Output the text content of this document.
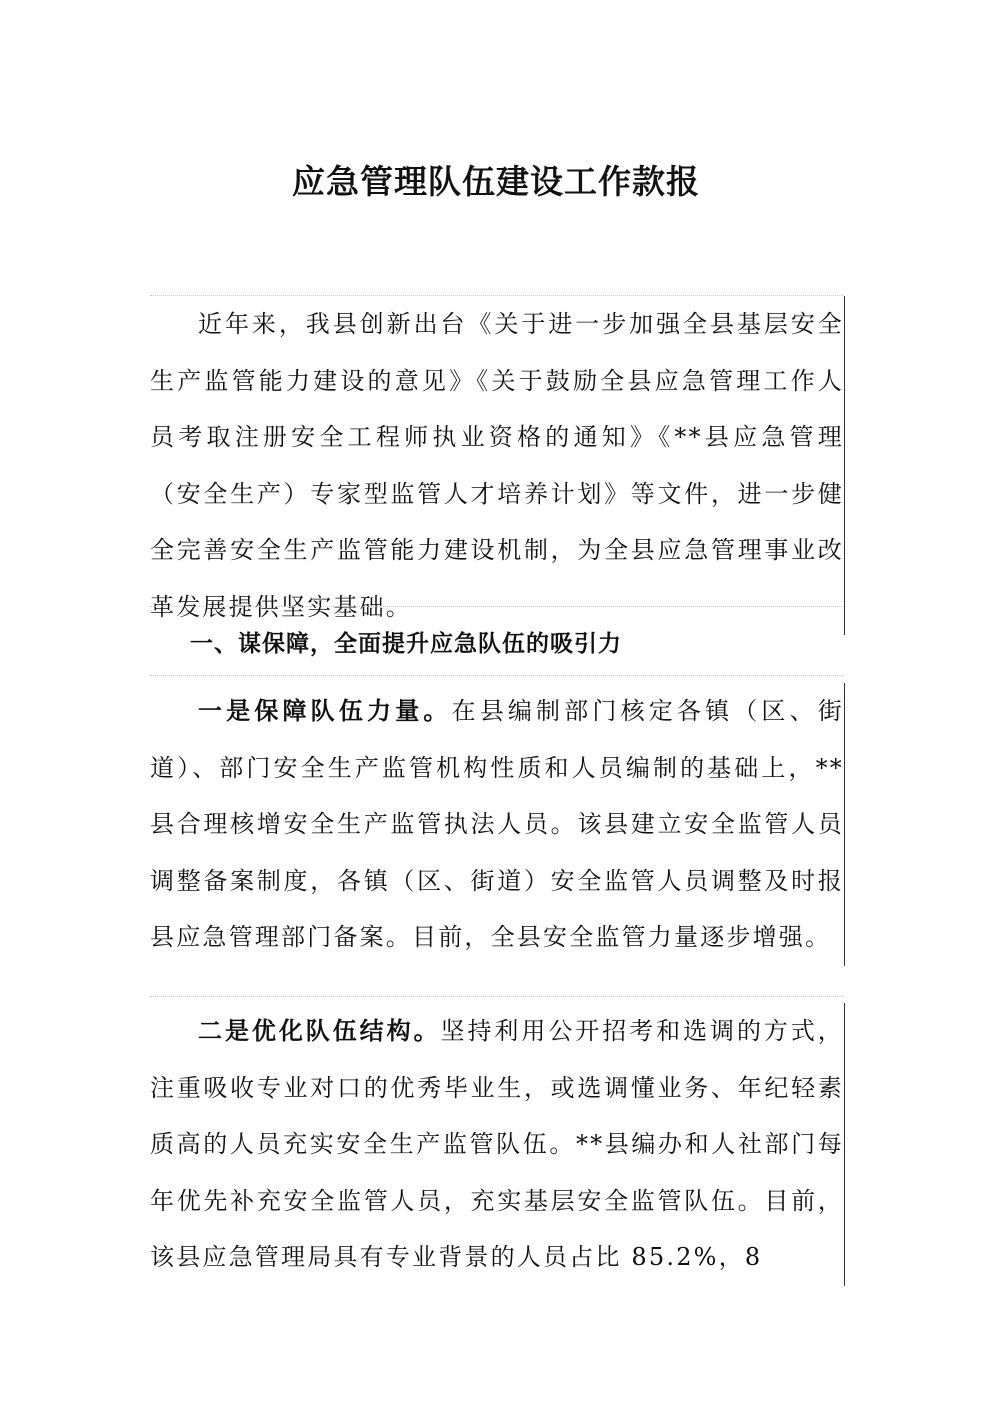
应急管理队伍建设工作款报

近年来，我县创新出台《关于进一步加强全县基层安全生产监管能力建设的意见》《关于鼓励全县应急管理工作人员考取注册安全工程师执业资格的通知》《**县应急管理（安全生产）专家型监管人才培养计划》等文件，进一步健全完善安全生产监管能力建设机制，为全县应急管理事业改革发展提供坚实基础。

一、谋保障，全面提升应急队伍的吸引力

一是保障队伍力量。在县编制部门核定各镇（区、街道）、部门安全生产监管机构性质和人员编制的基础上，**县合理核增安全生产监管执法人员。该县建立安全监管人员调整备案制度，各镇（区、街道）安全监管人员调整及时报县应急管理部门备案。目前，全县安全监管力量逐步增强。

二是优化队伍结构。坚持利用公开招考和选调的方式，注重吸收专业对口的优秀毕业生，或选调懂业务、年纪轻素质高的人员充实安全生产监管队伍。**县编办和人社部门每年优先补充安全监管人员，充实基层安全监管队伍。目前，该县应急管理局具有专业背景的人员占比 85.2%，8
